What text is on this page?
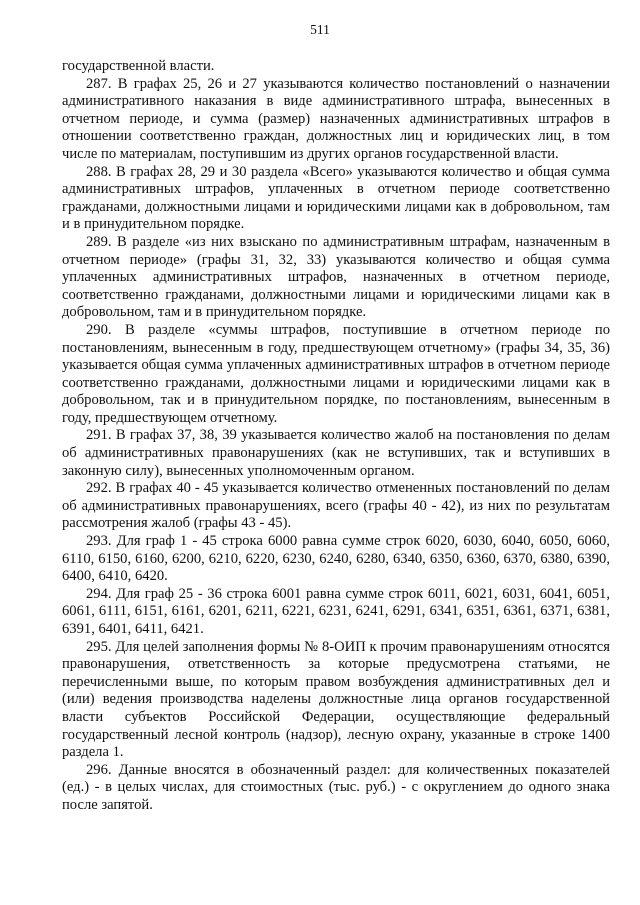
511

государственной власти.

287. В графах 25, 26 и 27 указываются количество постановлений о назначении административного наказания в виде административного штрафа, вынесенных в отчетном периоде, и сумма (размер) назначенных административных штрафов в отношении соответственно граждан, должностных лиц и юридических лиц, в том числе по материалам, поступившим из других органов государственной власти.

288. В графах 28, 29 и 30 раздела «Всего» указываются количество и общая сумма административных штрафов, уплаченных в отчетном периоде соответственно гражданами, должностными лицами и юридическими лицами как в добровольном, там и в принудительном порядке.

289. В разделе «из них взыскано по административным штрафам, назначенным в отчетном периоде» (графы 31, 32, 33) указываются количество и общая сумма уплаченных административных штрафов, назначенных в отчетном периоде, соответственно гражданами, должностными лицами и юридическими лицами как в добровольном, там и в принудительном порядке.

290. В разделе «суммы штрафов, поступившие в отчетном периоде по постановлениям, вынесенным в году, предшествующем отчетному» (графы 34, 35, 36) указывается общая сумма уплаченных административных штрафов в отчетном периоде соответственно гражданами, должностными лицами и юридическими лицами как в добровольном, так и в принудительном порядке, по постановлениям, вынесенным в году, предшествующем отчетному.

291. В графах 37, 38, 39 указывается количество жалоб на постановления по делам об административных правонарушениях (как не вступивших, так и вступивших в законную силу), вынесенных уполномоченным органом.

292. В графах 40 - 45 указывается количество отмененных постановлений по делам об административных правонарушениях, всего (графы 40 - 42), из них по результатам рассмотрения жалоб (графы 43 - 45).

293. Для граф 1 - 45 строка 6000 равна сумме строк 6020, 6030, 6040, 6050, 6060, 6110, 6150, 6160, 6200, 6210, 6220, 6230, 6240, 6280, 6340, 6350, 6360, 6370, 6380, 6390, 6400, 6410, 6420.

294. Для граф 25 - 36 строка 6001 равна сумме строк 6011, 6021, 6031, 6041, 6051, 6061, 6111, 6151, 6161, 6201, 6211, 6221, 6231, 6241, 6291, 6341, 6351, 6361, 6371, 6381, 6391, 6401, 6411, 6421.

295. Для целей заполнения формы № 8-ОИП к прочим правонарушениям относятся правонарушения, ответственность за которые предусмотрена статьями, не перечисленными выше, по которым правом возбуждения административных дел и (или) ведения производства наделены должностные лица органов государственной власти субъектов Российской Федерации, осуществляющие федеральный государственный лесной контроль (надзор), лесную охрану, указанные в строке 1400 раздела 1.

296. Данные вносятся в обозначенный раздел: для количественных показателей (ед.) - в целых числах, для стоимостных (тыс. руб.) - с округлением до одного знака после запятой.
